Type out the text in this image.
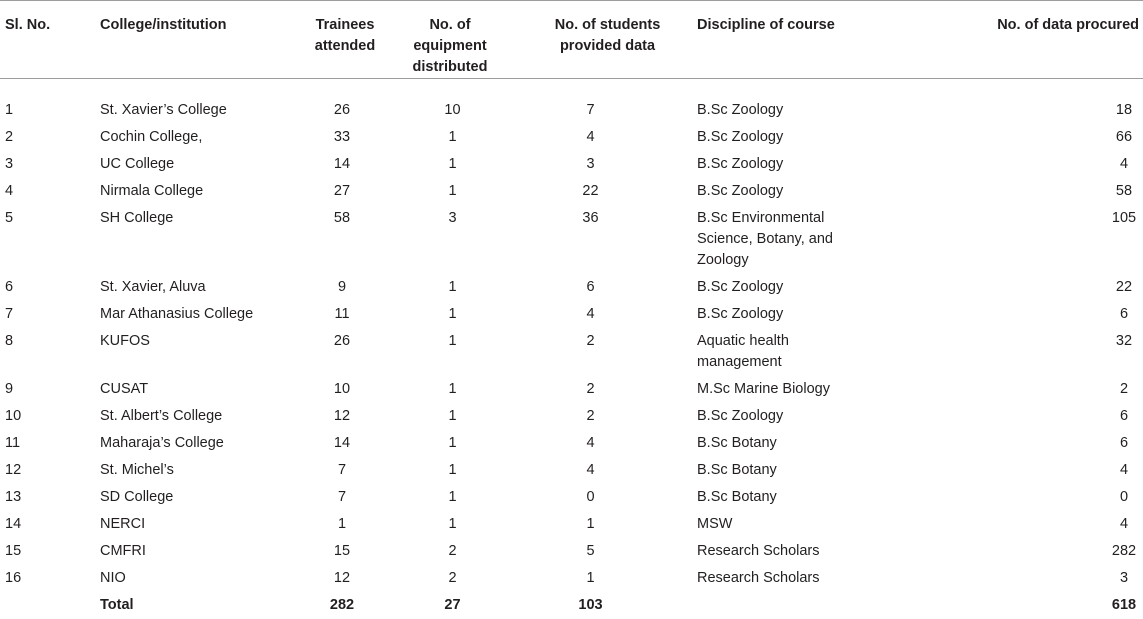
Sl. No.	College/institution	Trainees attended	No. of equipment distributed	No. of students provided data	Discipline of course	No. of data procured
1	St. Xavier’s College	26	10	7	B.Sc Zoology	18
2	Cochin College,	33	1	4	B.Sc Zoology	66
3	UC College	14	1	3	B.Sc Zoology	4
4	Nirmala College	27	1	22	B.Sc Zoology	58
5	SH College	58	3	36	B.Sc Environmental Science, Botany, and Zoology	105
6	St. Xavier, Aluva	9	1	6	B.Sc Zoology	22
7	Mar Athanasius College	11	1	4	B.Sc Zoology	6
8	KUFOS	26	1	2	Aquatic health management	32
9	CUSAT	10	1	2	M.Sc Marine Biology	2
10	St. Albert’s College	12	1	2	B.Sc Zoology	6
11	Maharaja’s College	14	1	4	B.Sc Botany	6
12	St. Michel’s	7	1	4	B.Sc Botany	4
13	SD College	7	1	0	B.Sc Botany	0
14	NERCI	1	1	1	MSW	4
15	CMFRI	15	2	5	Research Scholars	282
16	NIO	12	2	1	Research Scholars	3
	Total	282	27	103		618
